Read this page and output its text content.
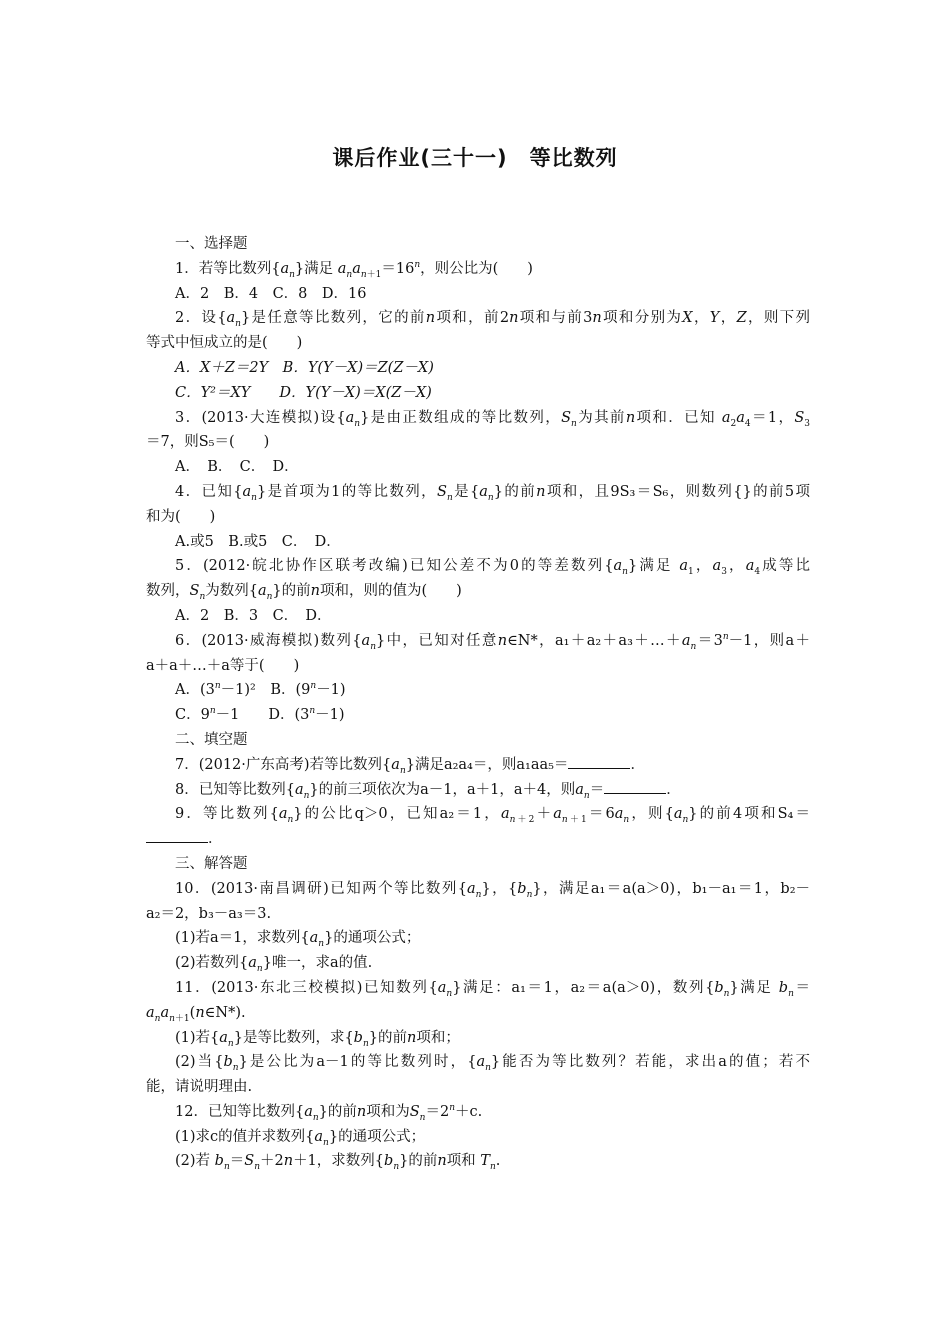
课后作业(三十一)　等比数列
一、选择题
1．若等比数列$\{a_n\}$满足 $a_na_{n+1}=16^n$，则公比为(　　)
A．2　B．4　C．8　D．16
2．设$\{a_n\}$是任意等比数列，它的前n项和，前2n项和与前3n项和分别为X，Y，Z，则下列
等式中恒成立的是(　　)
A．X＋Z＝2Y　B．Y(Y－X)＝Z(Z－X)
C．Y²＝XY　　D．Y(Y－X)＝X(Z－X)
3．(2013·大连模拟)设$\{a_n\}$是由正数组成的等比数列，$S_n$为其前n项和．已知 $a_2a_4=1$，$S_3$
＝7，则S₅＝(　　)
A．　B．　C．　D．
4．已知$\{a_n\}$是首项为1的等比数列，$S_n$是$\{a_n\}$的前n项和，且9S₃＝S₆，则数列{}的前5项
和为(　　)
A.或5　B.或5　C．　D．
5．(2012·皖北协作区联考改编)已知公差不为0的等差数列$\{a_n\}$满足 $a_1$，$a_3$，$a_4$成等比
数列，$S_n$为数列$\{a_n\}$的前n项和，则的值为(　　)
A．2　B．3　C．　D．
6．(2013·威海模拟)数列$\{a_n\}$中，已知对任意n∈N*，$a_1+a_2+a_3+\dots+a_n=3^n-1$，则a＋
a＋a＋…＋a等于(　　)
A．$(3^n-1)^2$　B．$(9^n-1)$
C．$9^n-1$　　D．$(3^n-1)$
二、填空题
7．(2012·广东高考)若等比数列$\{a_n\}$满足a₂a₄＝，则a₁aa₅＝	．
8．已知等比数列$\{a_n\}$的前三项依次为a－1，a＋1，a＋4，则$a_n=$	．
9．等比数列$\{a_n\}$的公比q＞0，已知a₂＝1，$a_{n+2}+a_{n+1}=6a_n$，则$\{a_n\}$的前4项和S₄＝
．
三、解答题
10．(2013·南昌调研)已知两个等比数列$\{a_n\}$，$\{b_n\}$，满足a₁＝a(a＞0)，b₁－a₁＝1，b₂－
a₂＝2，b₃－a₃＝3.
(1)若a＝1，求数列$\{a_n\}$的通项公式；
(2)若数列$\{a_n\}$唯一，求a的值.
11．(2013·东北三校模拟)已知数列$\{a_n\}$满足：a₁＝1，a₂＝a(a＞0)，数列$\{b_n\}$满足 $b_n=$
$a_na_{n+1}(n\in N*)$.
(1)若$\{a_n\}$是等比数列，求$\{b_n\}$的前n项和；
(2)当$\{b_n\}$是公比为a－1的等比数列时，$\{a_n\}$能否为等比数列？若能，求出a的值；若不
能，请说明理由.
12．已知等比数列$\{a_n\}$的前n项和为$S_n=2^n+c$.
(1)求c的值并求数列$\{a_n\}$的通项公式；
(2)若 $b_n=S_n+2n+1$，求数列$\{b_n\}$的前n项和 $T_n$.
